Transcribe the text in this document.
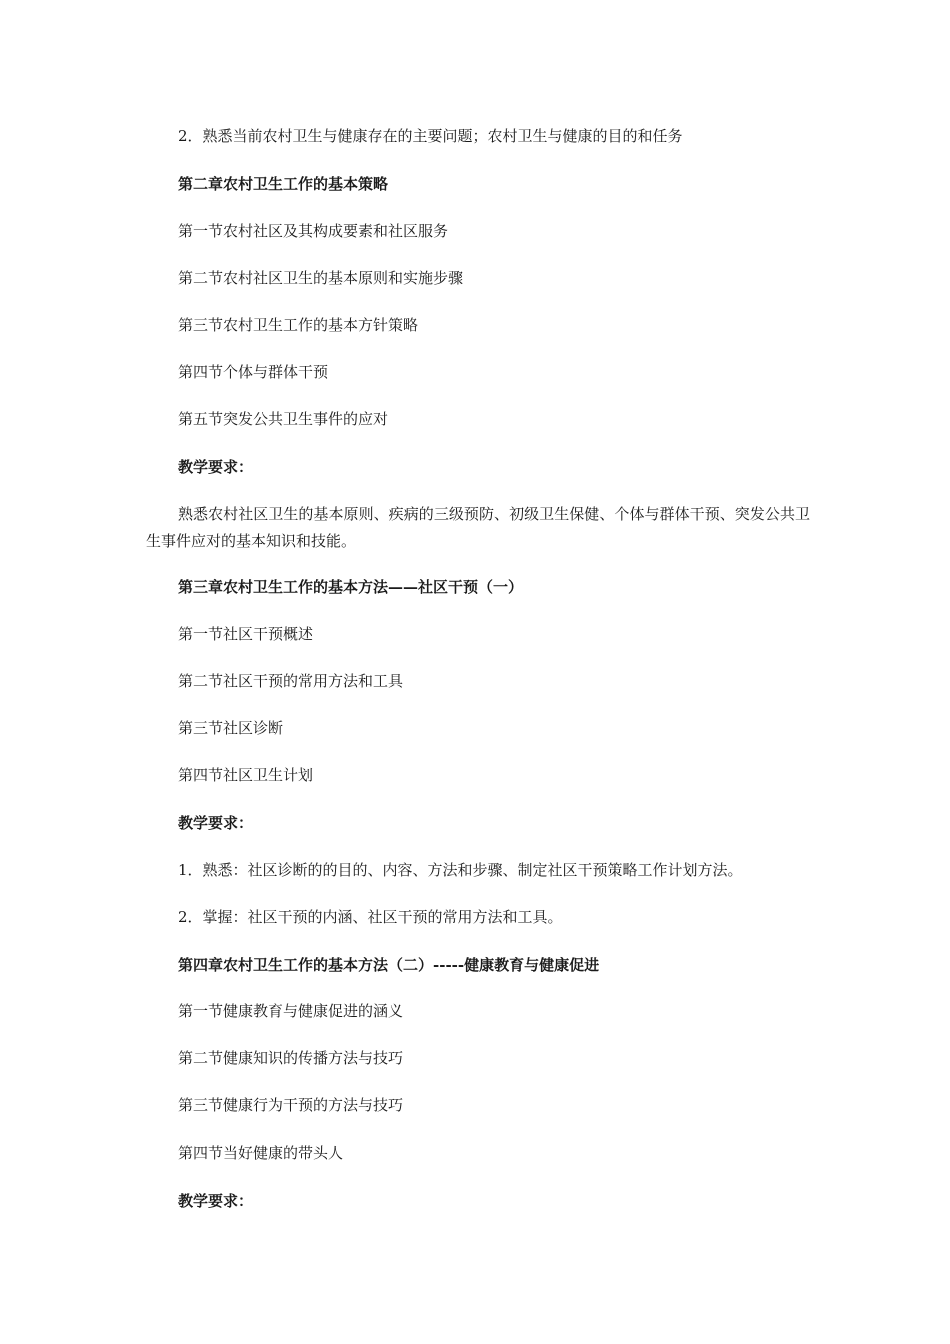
2．熟悉当前农村卫生与健康存在的主要问题；农村卫生与健康的目的和任务
第二章农村卫生工作的基本策略
第一节农村社区及其构成要素和社区服务
第二节农村社区卫生的基本原则和实施步骤
第三节农村卫生工作的基本方针策略
第四节个体与群体干预
第五节突发公共卫生事件的应对
教学要求：
熟悉农村社区卫生的基本原则、疾病的三级预防、初级卫生保健、个体与群体干预、突发公共卫生事件应对的基本知识和技能。
第三章农村卫生工作的基本方法——社区干预（一）
第一节社区干预概述
第二节社区干预的常用方法和工具
第三节社区诊断
第四节社区卫生计划
教学要求：
1．熟悉：社区诊断的的目的、内容、方法和步骤、制定社区干预策略工作计划方法。
2．掌握：社区干预的内涵、社区干预的常用方法和工具。
第四章农村卫生工作的基本方法（二）-----健康教育与健康促进
第一节健康教育与健康促进的涵义
第二节健康知识的传播方法与技巧
第三节健康行为干预的方法与技巧
第四节当好健康的带头人
教学要求：
